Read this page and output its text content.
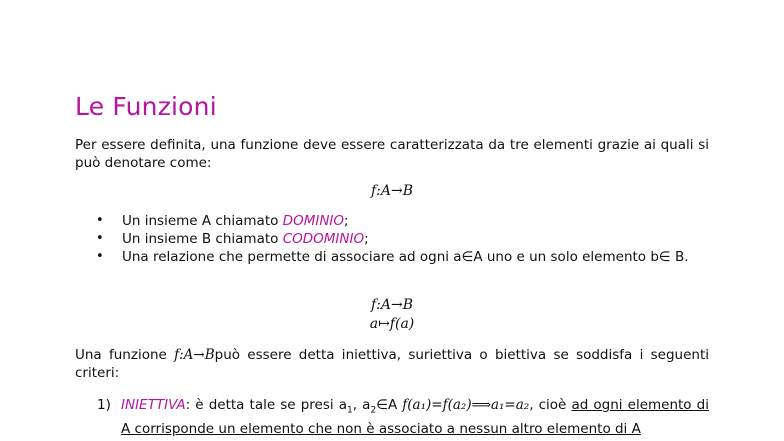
Le Funzioni
Per essere definita, una funzione deve essere caratterizzata da tre elementi grazie ai quali si può denotare come:
f:A→B
• Un insieme A chiamato DOMINIO;
• Un insieme B chiamato CODOMINIO;
• Una relazione che permette di associare ad ogni a∈A uno e un solo elemento b∈ B.
f:A→B
a↦f(a)
Una funzione f:A→Bpuò essere detta iniettiva, suriettiva o biettiva se soddisfa i seguenti criteri:
1) INIETTIVA: è detta tale se presi $a_1$, $a_2\in A$ f(a₁)=f(a₂)⟹a₁=a₂, cioè ad ogni elemento di A corrisponde un elemento che non è associato a nessun altro elemento di A
